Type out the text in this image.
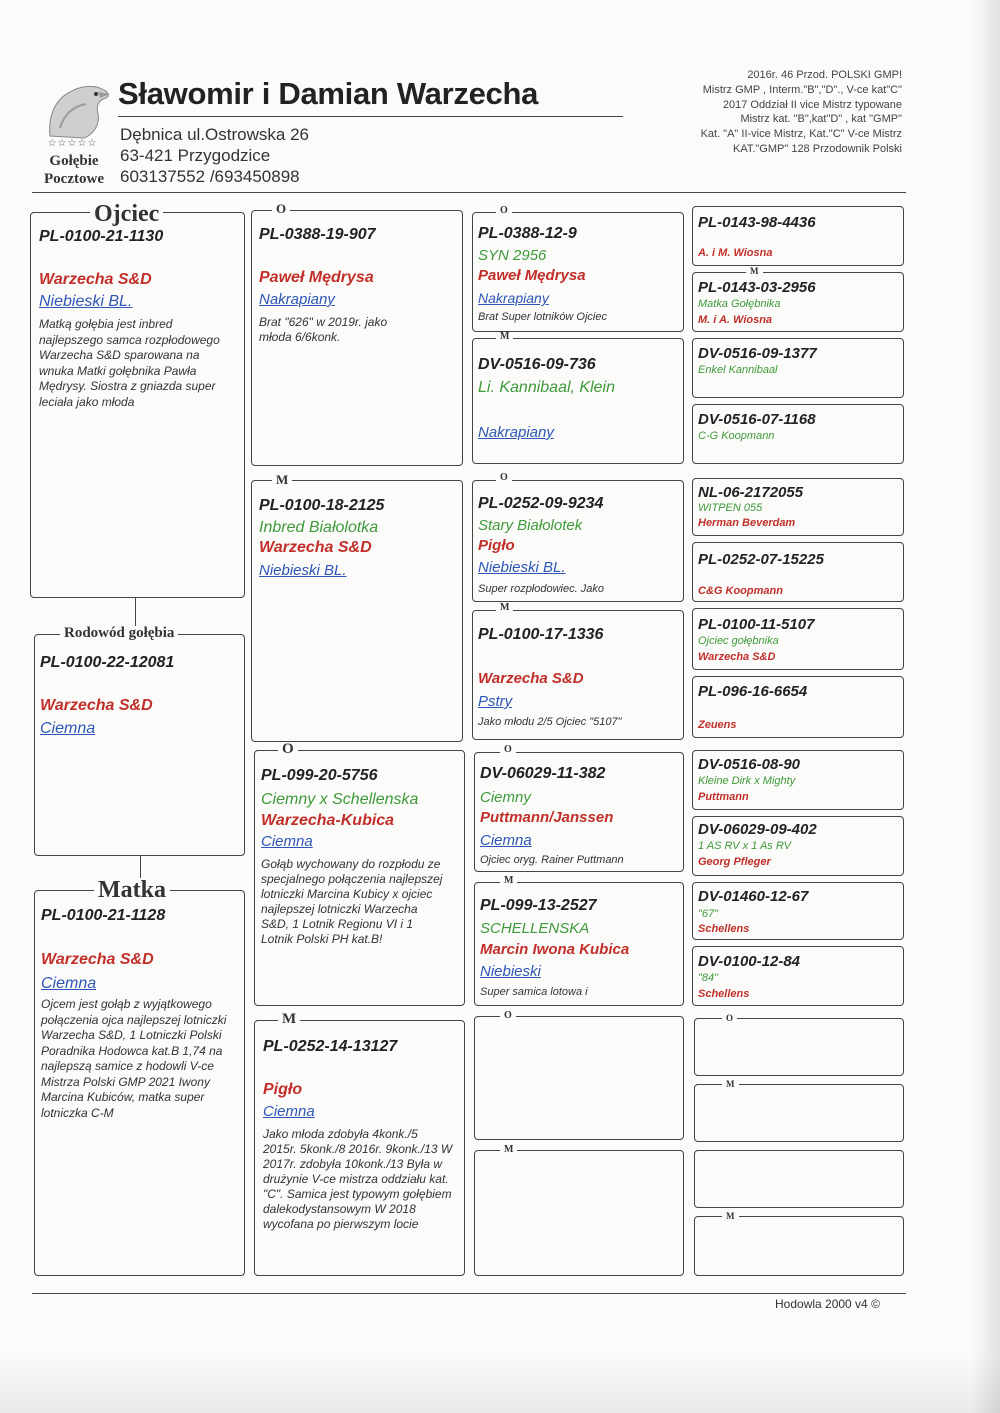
☆☆☆☆☆
Gołębie
Pocztowe
Sławomir i Damian Warzecha
Dębnica ul.Ostrowska 26
63-421 Przygodzice
603137552 /693450898
2016r. 46 Przod. POLSKI GMP!
Mistrz GMP , Interm."B","D"., V-ce kat"C"
2017 Oddział II vice Mistrz typowane
Mistrz kat. "B",kat"D" , kat "GMP"
Kat. "A" II-vice Mistrz, Kat."C" V-ce Mistrz
KAT."GMP" 128 Przodownik Polski
PL-0100-21-1130
Warzecha S&D
Niebieski BL.
Matką gołębia jest inbred najlepszego samca rozpłodowego Warzecha S&D sparowana na wnuka Matki gołębnika Pawła Mędrysy. Siostra z gniazda super leciała jako młoda
Ojciec
PL-0100-22-12081
Warzecha S&D
Ciemna
Rodowód gołębia
PL-0100-21-1128
Warzecha S&D
Ciemna
Ojcem jest gołąb z wyjątkowego połączenia ojca najlepszej lotniczki Warzecha S&D, 1 Lotniczki Polski Poradnika Hodowca kat.B 1,74 na najlepszą samice z hodowli V-ce Mistrza Polski GMP 2021 Iwony Marcina Kubiców, matka super lotniczka C-M
Matka
PL-0388-19-907
Paweł Mędrysa
Nakrapiany
Brat "626" w 2019r. jako młoda 6/6konk.
O
PL-0100-18-2125
Inbred Białolotka
Warzecha S&D
Niebieski BL.
M
PL-099-20-5756
Ciemny x Schellenska
Warzecha-Kubica
Ciemna
Gołąb wychowany do rozpłodu ze specjalnego połączenia najlepszej lotniczki Marcina Kubicy x ojciec najlepszej lotniczki Warzecha S&D, 1 Lotnik Regionu VI i 1 Lotnik Polski PH kat.B!
O
PL-0252-14-13127
Pigło
Ciemna
Jako młoda zdobyła 4konk./5 2015r. 5konk./8 2016r. 9konk./13 W 2017r. zdobyła 10konk./13 Była w drużynie V-ce mistrza oddziału kat. "C". Samica jest typowym gołębiem dalekodystansowym W 2018 wycofana po pierwszym locie
M
PL-0388-12-9
SYN 2956
Paweł Mędrysa
Nakrapiany
Brat Super lotników Ojciec
O
DV-0516-09-736
Li. Kannibaal, Klein
Nakrapiany
M
PL-0252-09-9234
Stary Białolotek
Pigło
Niebieski BL.
Super rozpłodowiec. Jako
O
PL-0100-17-1336
Warzecha S&D
Pstry
Jako młodu 2/5 Ojciec "5107"
M
DV-06029-11-382
Ciemny
Puttmann/Janssen
Ciemna
Ojciec oryg. Rainer Puttmann
O
PL-099-13-2527
SCHELLENSKA
Marcin Iwona Kubica
Niebieski
Super samica lotowa i
M
O
M
PL-0143-98-4436
A. i M. Wiosna
PL-0143-03-2956
Matka Gołębnika
M. i A. Wiosna
M
DV-0516-09-1377
Enkel Kannibaal
DV-0516-07-1168
C-G Koopmann
NL-06-2172055
WITPEN 055
Herman Beverdam
PL-0252-07-15225
C&G Koopmann
PL-0100-11-5107
Ojciec gołębnika
Warzecha S&D
PL-096-16-6654
Zeuens
DV-0516-08-90
Kleine Dirk x Mighty
Puttmann
DV-06029-09-402
1 AS RV x 1 As RV
Georg Pfleger
DV-01460-12-67
"67"
Schellens
DV-0100-12-84
"84"
Schellens
O
M
M
Hodowla 2000 v4 ©
